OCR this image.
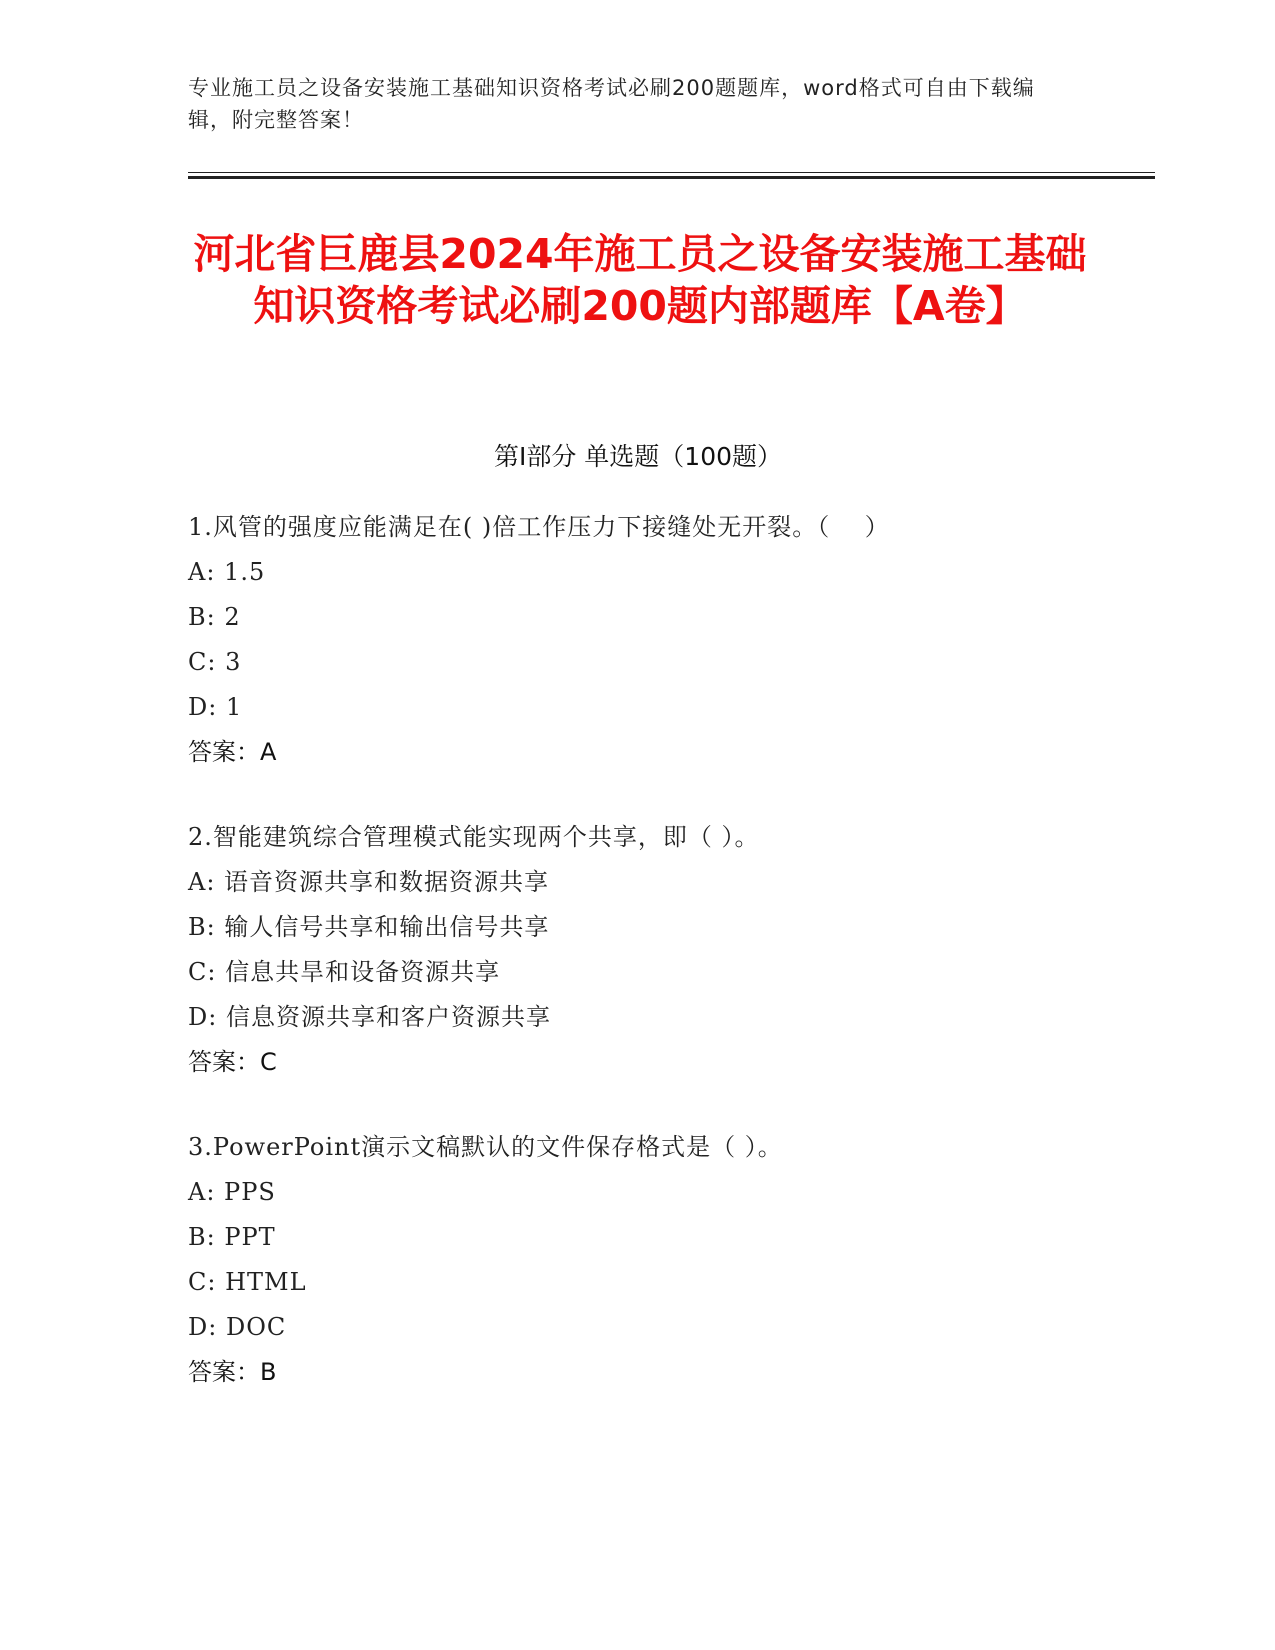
专业施工员之设备安装施工基础知识资格考试必刷200题题库，word格式可自由下载编辑，附完整答案！
河北省巨鹿县2024年施工员之设备安装施工基础知识资格考试必刷200题内部题库【A卷】
第Ⅰ部分 单选题（100题）
1.风管的强度应能满足在( )倍工作压力下接缝处无开裂。（    ）
A: 1.5
B: 2
C: 3
D: 1
答案：A
2.智能建筑综合管理模式能实现两个共享，即（ ）。
A: 语音资源共享和数据资源共享
B: 输人信号共享和输出信号共享
C: 信息共旱和设备资源共享
D: 信息资源共享和客户资源共享
答案：C
3.PowerPoint演示文稿默认的文件保存格式是（ ）。
A: PPS
B: PPT
C: HTML
D: DOC
答案：B
